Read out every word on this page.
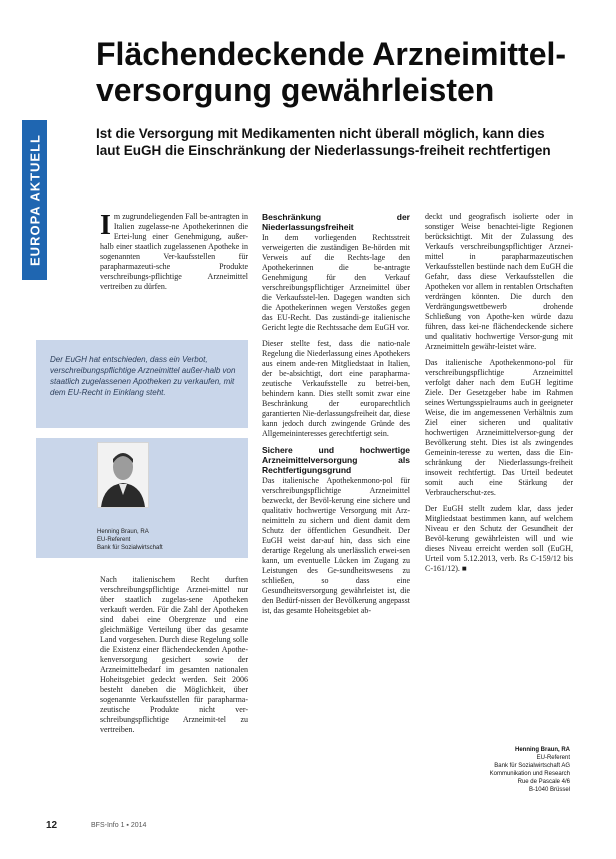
EUROPA AKTUELL
Flächendeckende Arzneimittel-versorgung gewährleisten

Ist die Versorgung mit Medikamenten nicht überall möglich, kann dies laut EuGH die Einschränkung der Niederlassungs-freiheit rechtfertigen

Im zugrundeliegenden Fall be-antragten in Italien zugelasse-ne Apothekerinnen die Ertei-lung einer Genehmigung, außer-halb einer staatlich zugelassenen Apotheke in sogenannten Ver-kaufsstellen für parapharmazeuti-sche Produkte verschreibungs-pflichtige Arzneimittel vertreiben zu dürfen.

Der EuGH hat entschieden, dass ein Verbot, verschreibungspflichtige Arzneimittel außer-halb von staatlich zugelassenen Apotheken zu verkaufen, mit dem EU-Recht in Einklang steht.

Henning Braun, RA
EU-Referent
Bank für Sozialwirtschaft

Nach italienischem Recht durften verschreibungspflichtige Arznei-mittel nur über staatlich zugelas-sene Apotheken verkauft werden. Für die Zahl der Apotheken sind dabei eine Obergrenze und eine gleichmäßige Verteilung über das gesamte Land vorgesehen. Durch diese Regelung solle die Existenz einer flächendeckenden Apothe-kenversorgung gesichert sowie der Arzneimittelbedarf im gesamten nationalen Hoheitsgebiet gedeckt werden. Seit 2006 besteht daneben die Möglichkeit, über sogenannte Verkaufsstellen für parapharma-zeutische Produkte nicht ver-schreibungspflichtige Arzneimit-tel zu vertreiben.

Beschränkung der Niederlassungsfreiheit

In dem vorliegenden Rechtsstreit verweigerten die zuständigen Be-hörden mit Verweis auf die Rechts-lage den Apothekerinnen die be-antragte Genehmigung für den Verkauf verschreibungspflichtiger Arzneimittel über die Verkaufsstel-len. Dagegen wandten sich die Apothekerinnen wegen Verstoßes gegen das EU-Recht. Das zuständi-ge italienische Gericht legte die Rechtssache dem EuGH vor.

Dieser stellte fest, dass die natio-nale Regelung die Niederlassung eines Apothekers aus einem ande-ren Mitgliedstaat in Italien, der be-absichtigt, dort eine parapharma-zeutische Verkaufsstelle zu betrei-ben, behindern kann. Dies stellt somit zwar eine Beschränkung der europarechtlich garantierten Nie-derlassungsfreiheit dar, diese kann jedoch durch zwingende Gründe des Allgemeininteresses gerechtfertigt sein.

Sichere und hochwertige Arzneimittelversorgung als Rechtfertigungsgrund

Das italienische Apothekenmono-pol für verschreibungspflichtige Arzneimittel bezweckt, der Bevöl-kerung eine sichere und qualitativ hochwertige Versorgung mit Arz-neimitteln zu sichern und dient damit dem Schutz der öffentlichen Gesundheit. Der EuGH weist dar-auf hin, dass sich eine derartige Regelung als unerlässlich erwei-sen kann, um eventuelle Lücken im Zugang zu Leistungen des Ge-sundheitswesens zu schließen, so dass eine Gesundheitsversorgung gewährleistet ist, die den Bedürf-nissen der Bevölkerung angepasst ist, das gesamte Hoheitsgebiet ab-

deckt und geografisch isolierte oder in sonstiger Weise benachtei-ligte Regionen berücksichtigt. Mit der Zulassung des Verkaufs verschreibungspflichtiger Arznei-mittel in parapharmazeutischen Verkaufsstellen bestünde nach dem EuGH die Gefahr, dass diese Verkaufsstellen die Apotheken vor allem in rentablen Ortschaften verdrängen könnten. Die durch den Verdrängungswettbewerb drohende Schließung von Apothe-ken würde dazu führen, dass kei-ne flächendeckende sichere und qualitativ hochwertige Versor-gung mit Arzneimitteln gewähr-leistet wäre.

Das italienische Apothekenmono-pol für verschreibungspflichtige Arzneimittel verfolgt daher nach dem EuGH legitime Ziele. Der Gesetzgeber habe im Rahmen seines Wertungsspielraums auch in geeigneter Weise, die im angemessenen Verhältnis zum Ziel einer sicheren und qualitativ hochwertigen Arzneimittelversor-gung der Bevölkerung steht. Dies ist als zwingendes Gemeinin-teresse zu werten, dass die Ein-schränkung der Niederlassungs-freiheit insoweit rechtfertigt. Das Urteil bedeutet somit auch eine Stärkung der Verbraucherschut-zes.

Der EuGH stellt zudem klar, dass jeder Mitgliedstaat bestimmen kann, auf welchem Niveau er den Schutz der Gesundheit der Bevöl-kerung gewährleisten will und wie dieses Niveau erreicht werden soll (EuGH, Urteil vom 5.12.2013, verb. Rs C-159/12 bis C-161/12). ■

Henning Braun, RA
EU-Referent
Bank für Sozialwirtschaft AG
Kommunikation und Research
Rue de Pascale 4/6
B-1040 Brüssel
12	BFS-Info 1 ▪ 2014
